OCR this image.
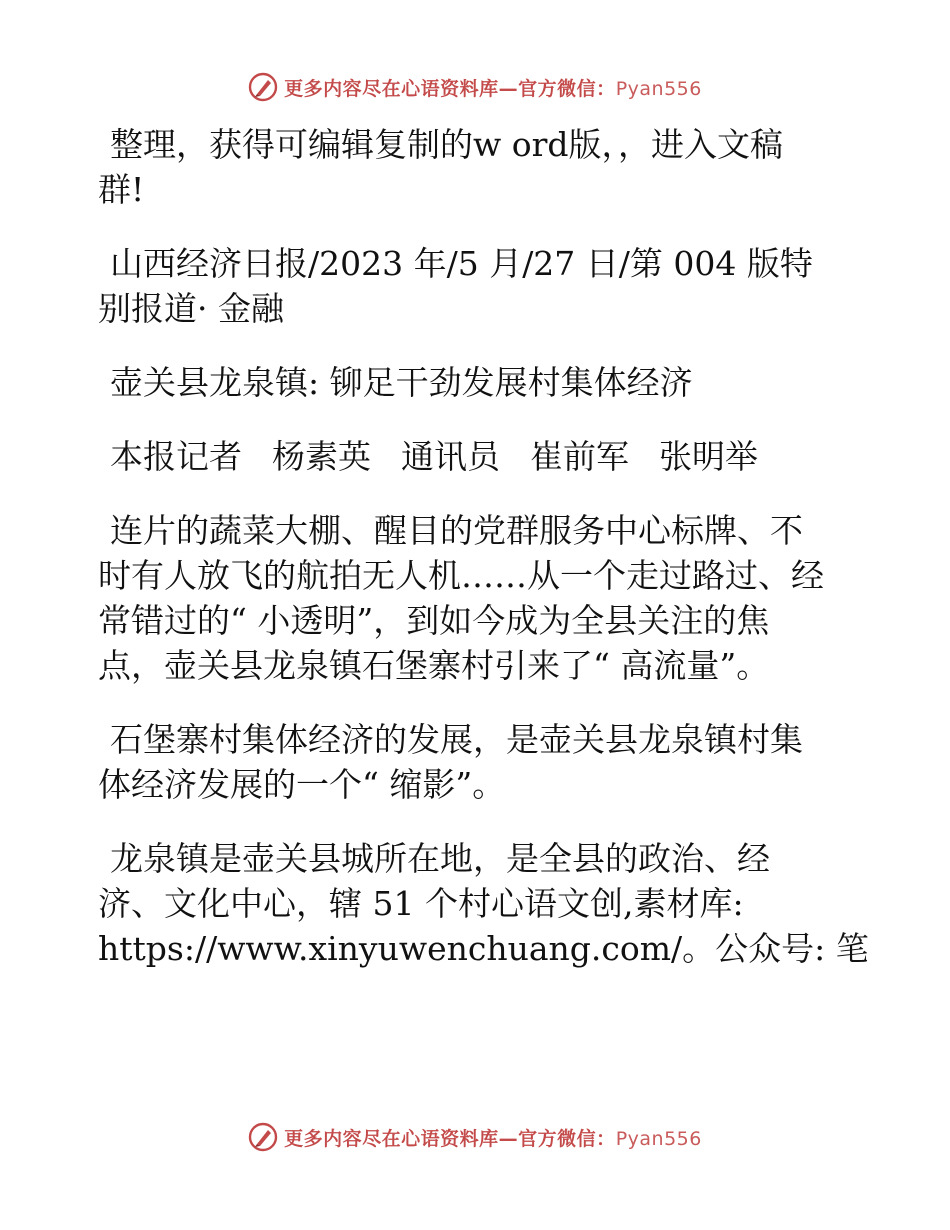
更多内容尽在心语资料库—官方微信：Pyan556

整理，获得可编辑复制的w ord版，，进入文稿
群!

山西经济日报/2023 年/5 月/27 日/第 004 版特
别报道· 金融

壶关县龙泉镇: 铆足干劲发展村集体经济

本报记者 杨素英 通讯员 崔前军 张明举

连片的蔬菜大棚、醒目的党群服务中心标牌、不
时有人放飞的航拍无人机……从一个走过路过、经
常错过的“ 小透明”，到如今成为全县关注的焦
点，壶关县龙泉镇石堡寨村引来了“ 高流量”。

石堡寨村集体经济的发展，是壶关县龙泉镇村集
体经济发展的一个“ 缩影”。

龙泉镇是壶关县城所在地，是全县的政治、经
济、文化中心，辖 51 个村心语文创,素材库:
https://www.xinyuwenchuang.com/。公众号: 笔

更多内容尽在心语资料库—官方微信：Pyan556
